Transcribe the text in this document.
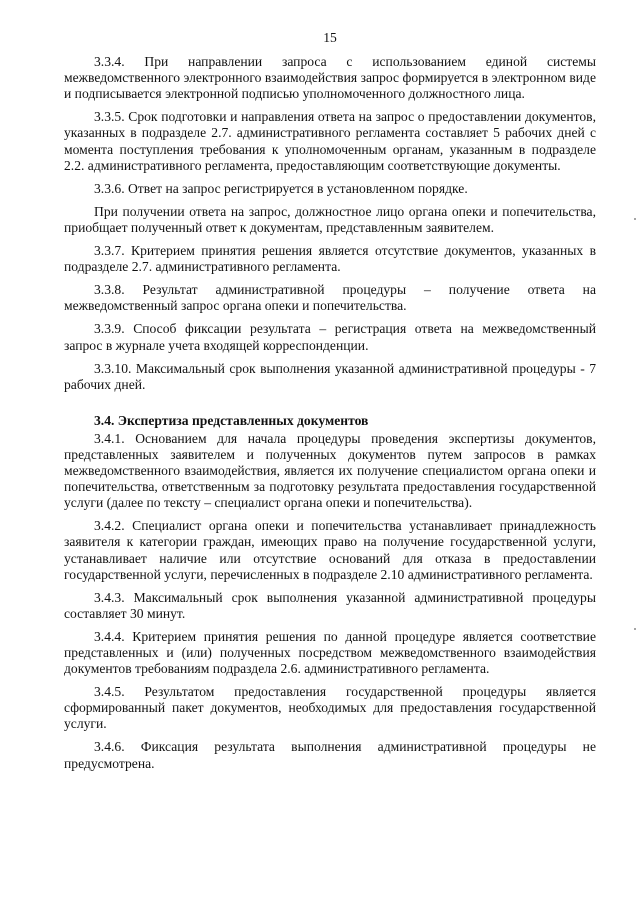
15

3.3.4. При направлении запроса с использованием единой системы межведомственного электронного взаимодействия запрос формируется в электронном виде и подписывается электронной подписью уполномоченного должностного лица.

3.3.5. Срок подготовки и направления ответа на запрос о предоставлении документов, указанных в подразделе 2.7. административного регламента составляет 5 рабочих дней с момента поступления требования к уполномоченным органам, указанным в подразделе 2.2. административного регламента, предоставляющим соответствующие документы.

3.3.6. Ответ на запрос регистрируется в установленном порядке.

При получении ответа на запрос, должностное лицо органа опеки и попечительства, приобщает полученный ответ к документам, представленным заявителем.

3.3.7. Критерием принятия решения является отсутствие документов, указанных в подразделе 2.7. административного регламента.

3.3.8. Результат административной процедуры – получение ответа на межведомственный запрос органа опеки и попечительства.

3.3.9. Способ фиксации результата – регистрация ответа на межведомственный запрос в журнале учета входящей корреспонденции.

3.3.10. Максимальный срок выполнения указанной административной процедуры - 7 рабочих дней.

3.4. Экспертиза представленных документов

3.4.1. Основанием для начала процедуры проведения экспертизы документов, представленных заявителем и полученных документов путем запросов в рамках межведомственного взаимодействия, является их получение специалистом органа опеки и попечительства, ответственным за подготовку результата предоставления государственной услуги (далее по тексту – специалист органа опеки и попечительства).

3.4.2. Специалист органа опеки и попечительства устанавливает принадлежность заявителя к категории граждан, имеющих право на получение государственной услуги, устанавливает наличие или отсутствие оснований для отказа в предоставлении государственной услуги, перечисленных в подразделе 2.10 административного регламента.

3.4.3. Максимальный срок выполнения указанной административной процедуры составляет 30 минут.

3.4.4. Критерием принятия решения по данной процедуре является соответствие представленных и (или) полученных посредством межведомственного взаимодействия документов требованиям подраздела 2.6. административного регламента.

3.4.5. Результатом предоставления государственной процедуры является сформированный пакет документов, необходимых для предоставления государственной услуги.

3.4.6. Фиксация результата выполнения административной процедуры не предусмотрена.
